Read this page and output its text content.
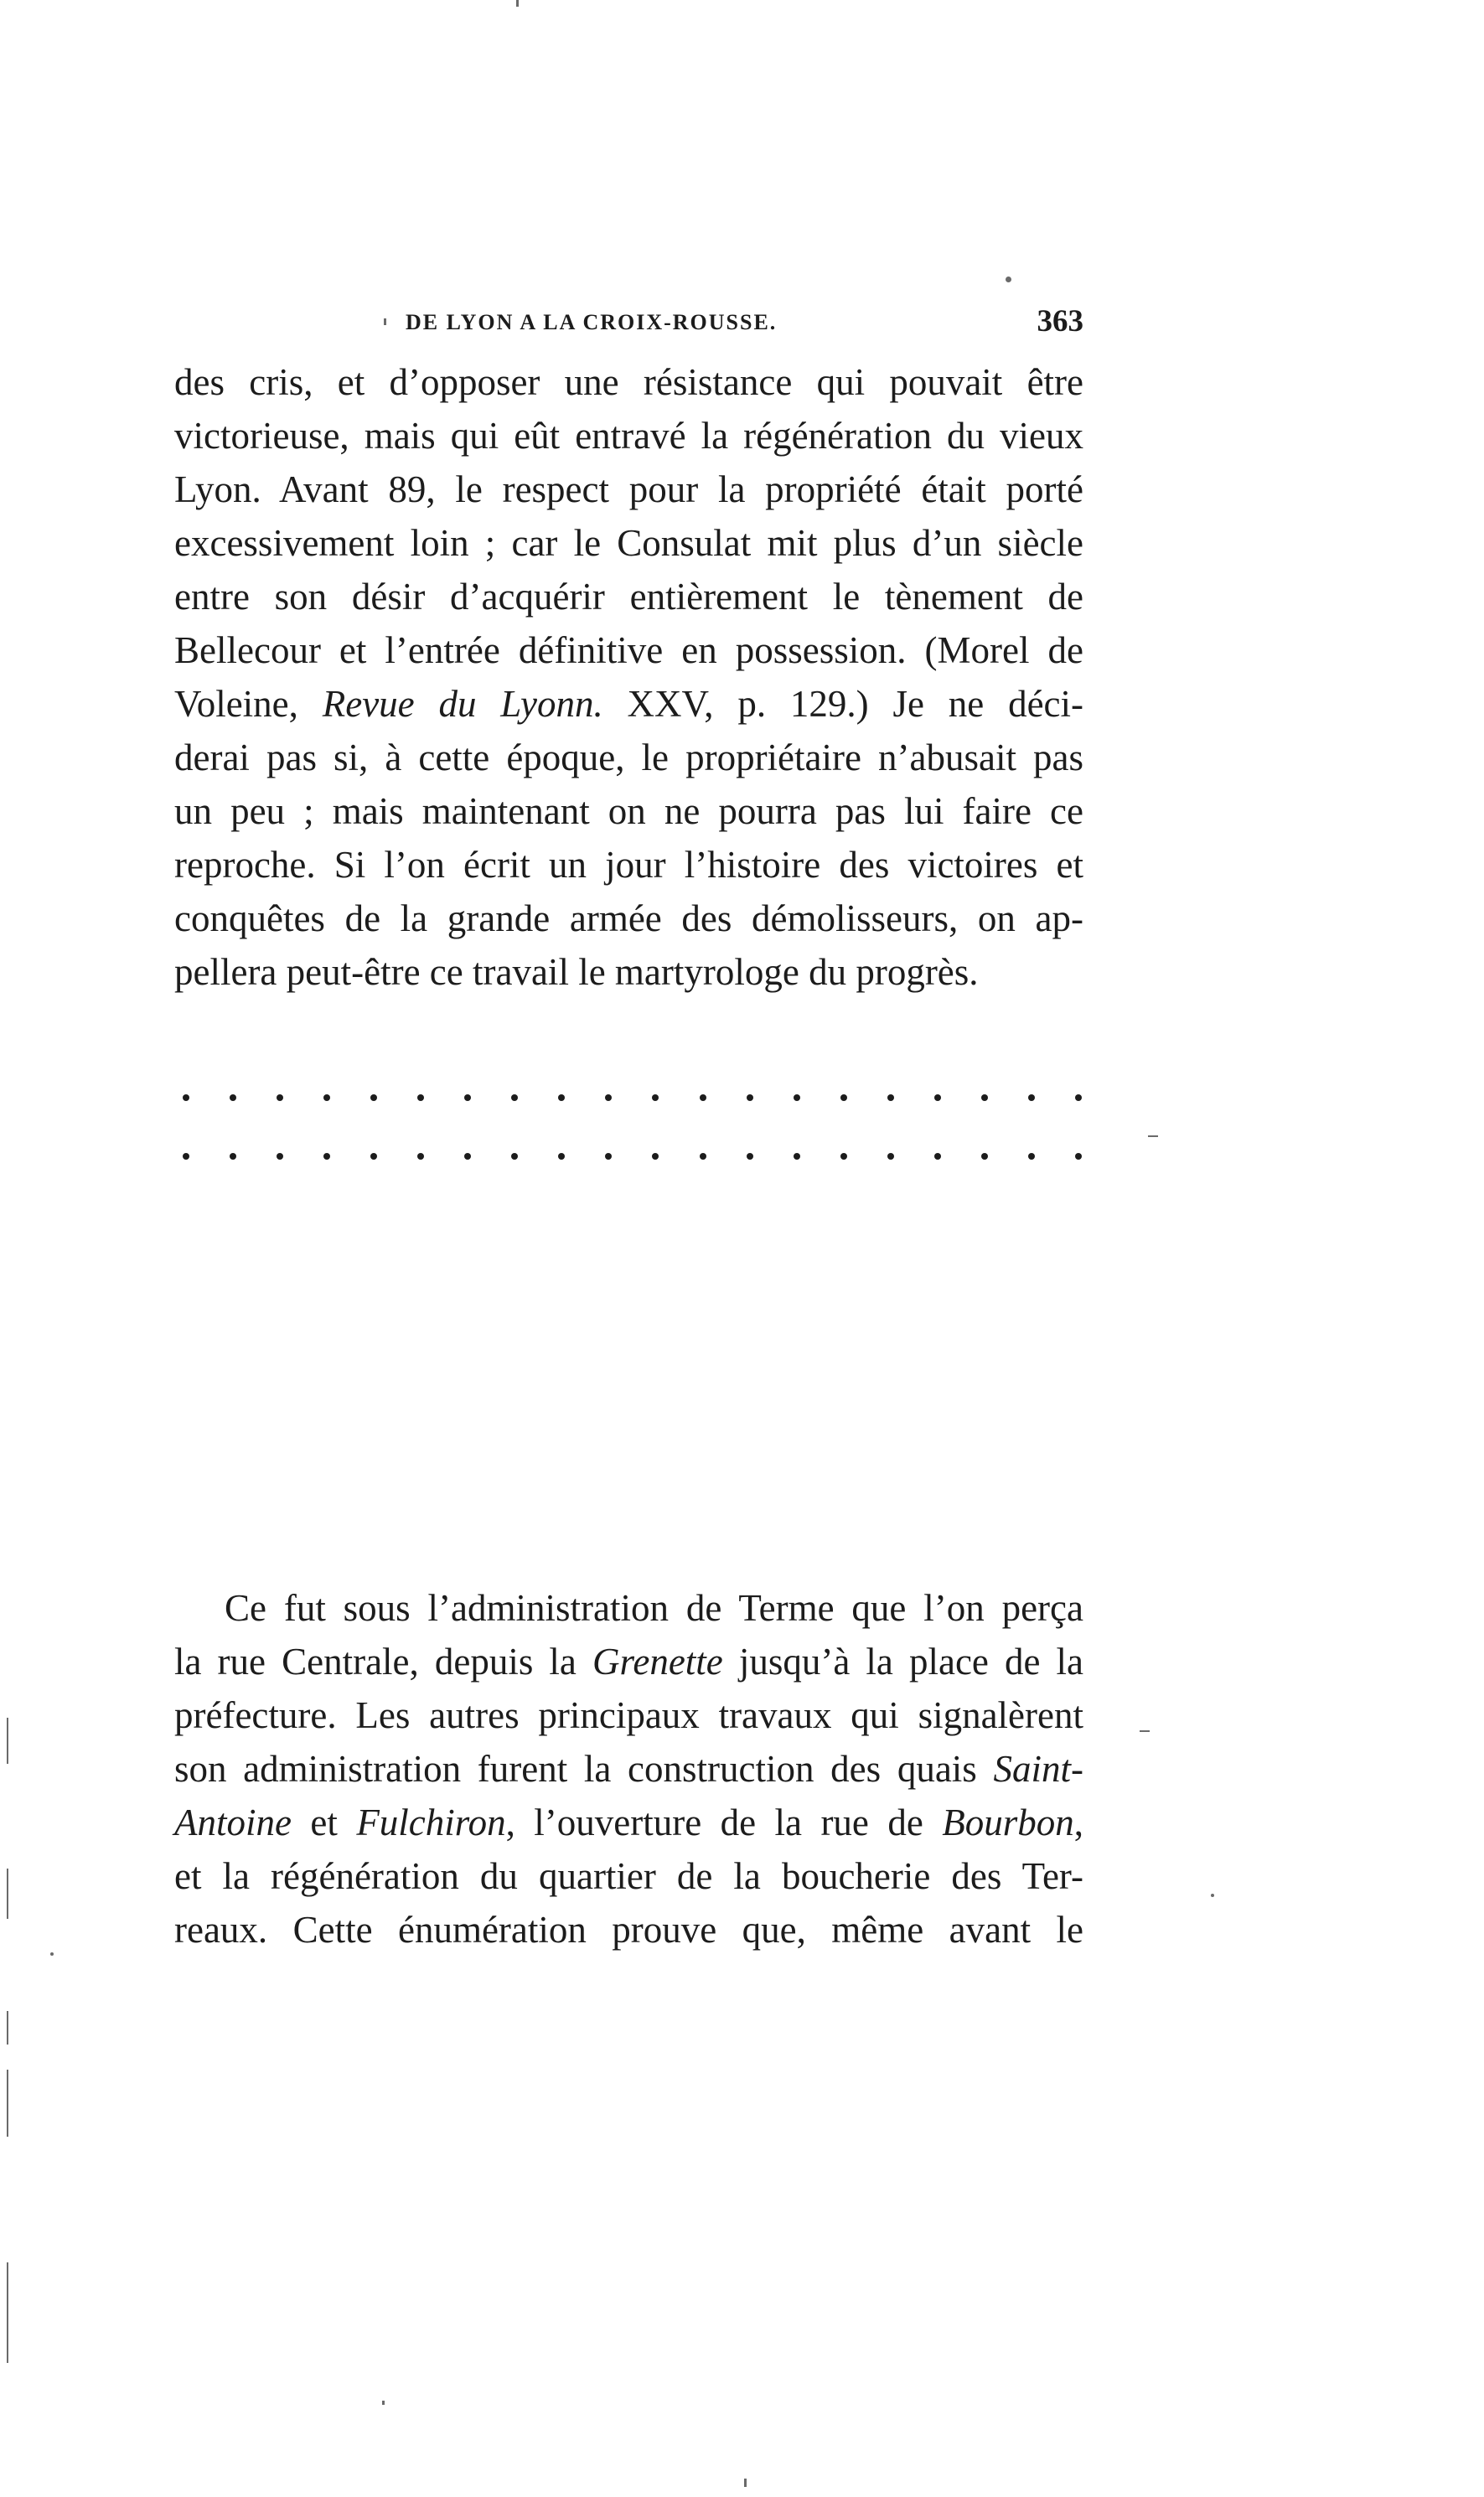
DE LYON A LA CROIX-ROUSSE.	363
des cris, et d’opposer une résistance qui pouvait être
victorieuse, mais qui eût entravé la régénération du vieux
Lyon. Avant 89, le respect pour la propriété était porté
excessivement loin ; car le Consulat mit plus d’un siècle
entre son désir d’acquérir entièrement le tènement de
Bellecour et l’entrée définitive en possession. (Morel de
Voleine, Revue du Lyonn. XXV, p. 129.) Je ne déci-
derai pas si, à cette époque, le propriétaire n’abusait pas
un peu ; mais maintenant on ne pourra pas lui faire ce
reproche. Si l’on écrit un jour l’histoire des victoires et
conquêtes de la grande armée des démolisseurs, on ap-
pellera peut-être ce travail le martyrologe du progrès.
Ce fut sous l’administration de Terme que l’on perça
la rue Centrale, depuis la Grenette jusqu’à la place de la
préfecture. Les autres principaux travaux qui signalèrent
son administration furent la construction des quais Saint-
Antoine et Fulchiron, l’ouverture de la rue de Bourbon,
et la régénération du quartier de la boucherie des Ter-
reaux. Cette énumération prouve que, même avant le
